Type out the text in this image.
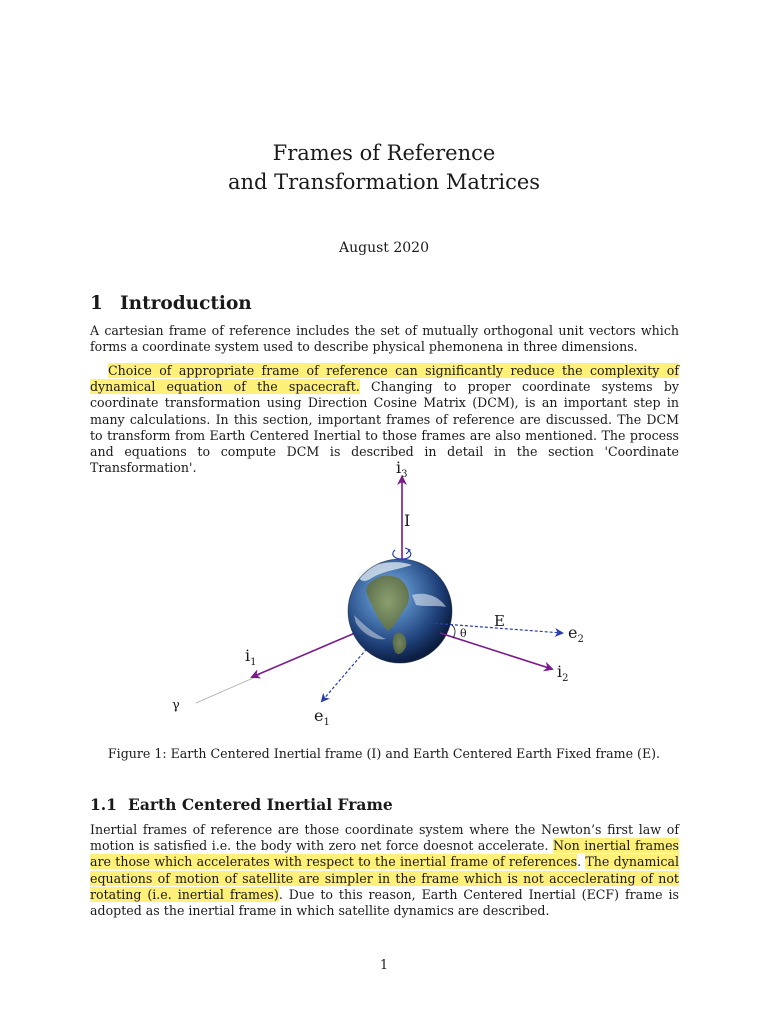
Frames of Reference
and Transformation Matrices
August 2020
1 Introduction
A cartesian frame of reference includes the set of mutually orthogonal unit vectors which forms a coordinate system used to describe physical phemonena in three dimensions.
Choice of appropriate frame of reference can significantly reduce the complexity of dynamical equation of the spacecraft. Changing to proper coordinate systems by coordinate transformation using Direction Cosine Matrix (DCM), is an important step in many calculations. In this section, important frames of reference are discussed. The DCM to transform from Earth Centered Inertial to those frames are also mentioned. The process and equations to compute DCM is described in detail in the section 'Coordinate Transformation'.	$i_3$
I
E
θ	$e_2$
$i_1$	$i_2$
γ
$e_1$
Figure 1: Earth Centered Inertial frame (I) and Earth Centered Earth Fixed frame (E).
1.1 Earth Centered Inertial Frame
Inertial frames of reference are those coordinate system where the Newton’s first law of motion is satisfied i.e. the body with zero net force doesnot accelerate. Non inertial frames are those which accelerates with respect to the inertial frame of references. The dynamical equations of motion of satellite are simpler in the frame which is not acceclerating of not rotating (i.e. inertial frames). Due to this reason, Earth Centered Inertial (ECF) frame is adopted as the inertial frame in which satellite dynamics are described.
1
